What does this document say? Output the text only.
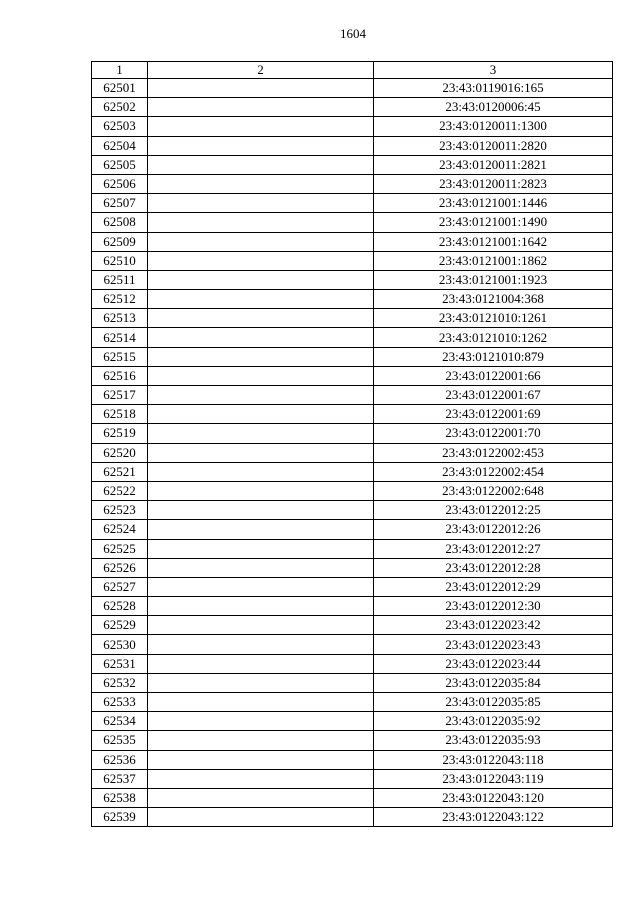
1604
1	2	3
62501		23:43:0119016:165
62502		23:43:0120006:45
62503		23:43:0120011:1300
62504		23:43:0120011:2820
62505		23:43:0120011:2821
62506		23:43:0120011:2823
62507		23:43:0121001:1446
62508		23:43:0121001:1490
62509		23:43:0121001:1642
62510		23:43:0121001:1862
62511		23:43:0121001:1923
62512		23:43:0121004:368
62513		23:43:0121010:1261
62514		23:43:0121010:1262
62515		23:43:0121010:879
62516		23:43:0122001:66
62517		23:43:0122001:67
62518		23:43:0122001:69
62519		23:43:0122001:70
62520		23:43:0122002:453
62521		23:43:0122002:454
62522		23:43:0122002:648
62523		23:43:0122012:25
62524		23:43:0122012:26
62525		23:43:0122012:27
62526		23:43:0122012:28
62527		23:43:0122012:29
62528		23:43:0122012:30
62529		23:43:0122023:42
62530		23:43:0122023:43
62531		23:43:0122023:44
62532		23:43:0122035:84
62533		23:43:0122035:85
62534		23:43:0122035:92
62535		23:43:0122035:93
62536		23:43:0122043:118
62537		23:43:0122043:119
62538		23:43:0122043:120
62539		23:43:0122043:122
